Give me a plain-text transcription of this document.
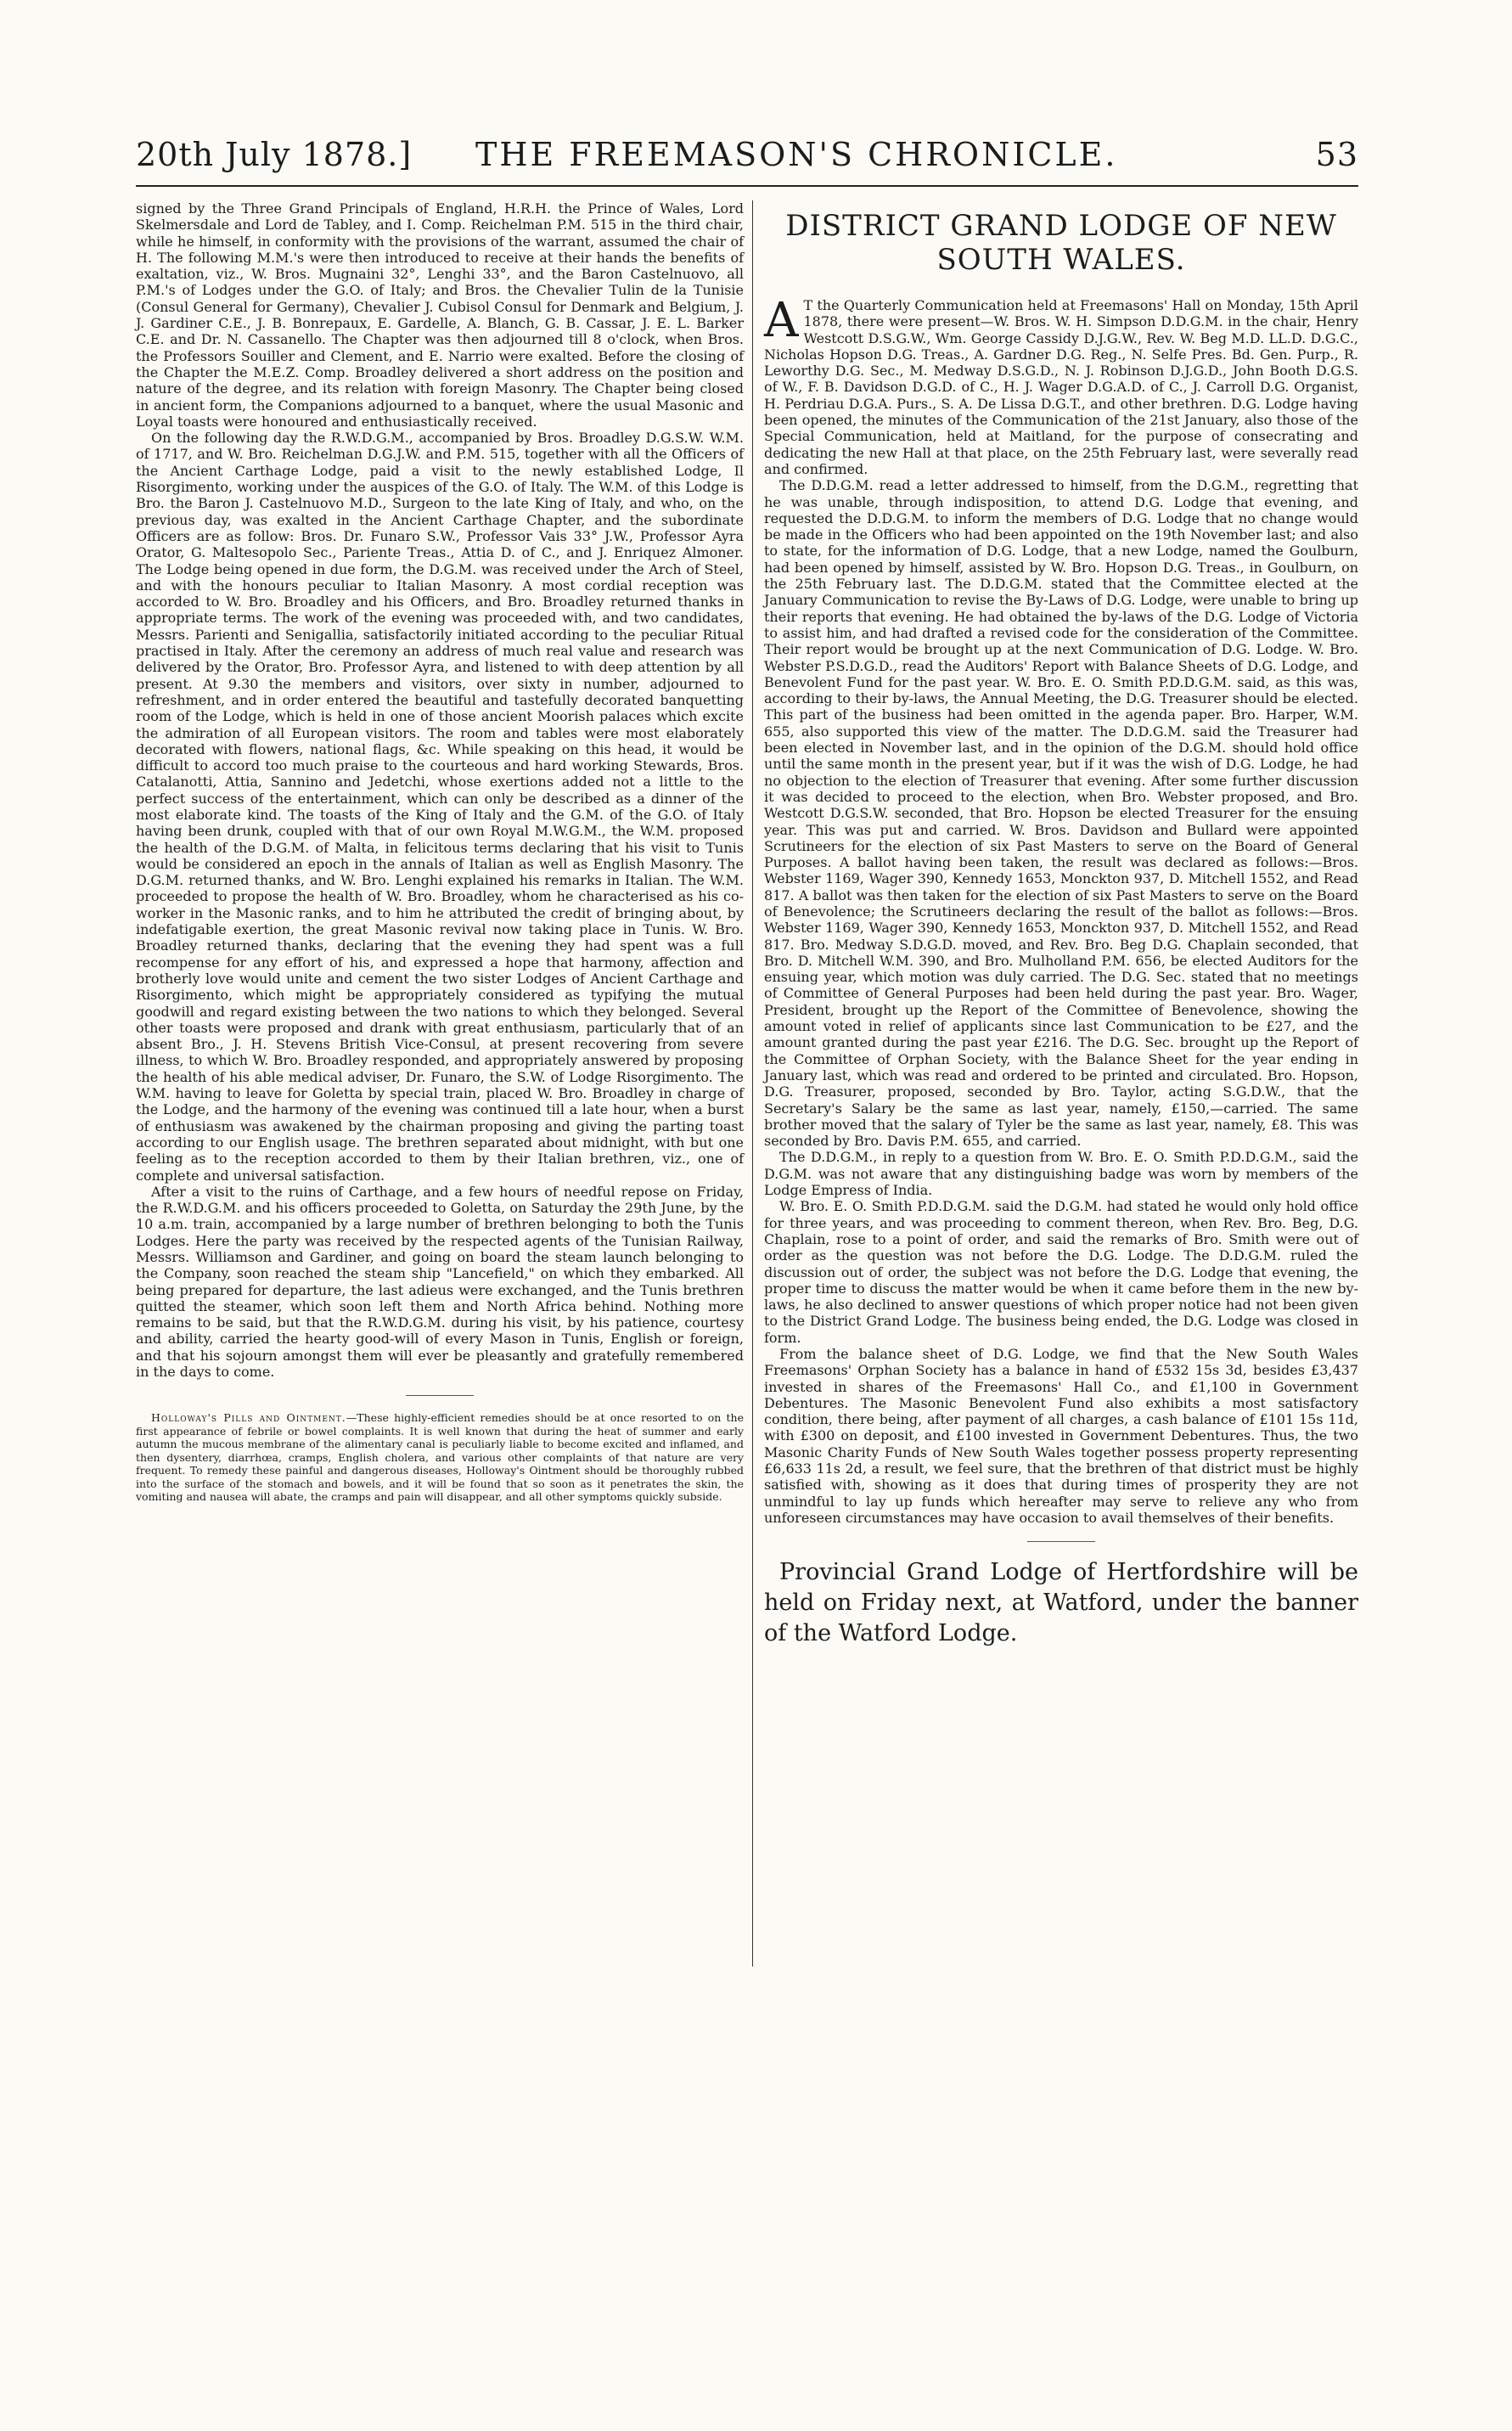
20th July 1878.] THE FREEMASON'S CHRONICLE.	53

signed by the Three Grand Principals of England, H.R.H. the Prince of Wales, Lord Skelmersdale and Lord de Tabley, and I. Comp. Reichelman P.M. 515 in the third chair, while he himself, in conformity with the provisions of the warrant, assumed the chair of H. The following M.M.'s were then introduced to receive at their hands the benefits of exaltation, viz., W. Bros. Mugnaini 32°, Lenghi 33°, and the Baron Castelnuovo, all P.M.'s of Lodges under the G.O. of Italy; and Bros. the Chevalier Tulin de la Tunisie (Consul General for Germany), Chevalier J. Cubisol Consul for Denmark and Belgium, J. J. Gardiner C.E., J. B. Bonrepaux, E. Gardelle, A. Blanch, G. B. Cassar, J. E. L. Barker C.E. and Dr. N. Cassanello. The Chapter was then adjourned till 8 o'clock, when Bros. the Professors Souiller and Clement, and E. Narrio were exalted. Before the closing of the Chapter the M.E.Z. Comp. Broadley delivered a short address on the position and nature of the degree, and its relation with foreign Masonry. The Chapter being closed in ancient form, the Companions adjourned to a banquet, where the usual Masonic and Loyal toasts were honoured and enthusiastically received.

On the following day the R.W.D.G.M., accompanied by Bros. Broadley D.G.S.W. W.M. of 1717, and W. Bro. Reichelman D.G.J.W. and P.M. 515, together with all the Officers of the Ancient Carthage Lodge, paid a visit to the newly established Lodge, Il Risorgimento, working under the auspices of the G.O. of Italy. The W.M. of this Lodge is Bro. the Baron J. Castelnuovo M.D., Surgeon to the late King of Italy, and who, on the previous day, was exalted in the Ancient Carthage Chapter, and the subordinate Officers are as follow: Bros. Dr. Funaro S.W., Professor Vais 33° J.W., Professor Ayra Orator, G. Maltesopolo Sec., Pariente Treas., Attia D. of C., and J. Enriquez Almoner. The Lodge being opened in due form, the D.G.M. was received under the Arch of Steel, and with the honours peculiar to Italian Masonry. A most cordial reception was accorded to W. Bro. Broadley and his Officers, and Bro. Broadley returned thanks in appropriate terms. The work of the evening was proceeded with, and two candidates, Messrs. Parienti and Senigallia, satisfactorily initiated according to the peculiar Ritual practised in Italy. After the ceremony an address of much real value and research was delivered by the Orator, Bro. Professor Ayra, and listened to with deep attention by all present. At 9.30 the members and visitors, over sixty in number, adjourned to refreshment, and in order entered the beautiful and tastefully decorated banquetting room of the Lodge, which is held in one of those ancient Moorish palaces which excite the admiration of all European visitors. The room and tables were most elaborately decorated with flowers, national flags, &c. While speaking on this head, it would be difficult to accord too much praise to the courteous and hard working Stewards, Bros. Catalanotti, Attia, Sannino and Jedetchi, whose exertions added not a little to the perfect success of the entertainment, which can only be described as a dinner of the most elaborate kind. The toasts of the King of Italy and the G.M. of the G.O. of Italy having been drunk, coupled with that of our own Royal M.W.G.M., the W.M. proposed the health of the D.G.M. of Malta, in felicitous terms declaring that his visit to Tunis would be considered an epoch in the annals of Italian as well as English Masonry. The D.G.M. returned thanks, and W. Bro. Lenghi explained his remarks in Italian. The W.M. proceeded to propose the health of W. Bro. Broadley, whom he characterised as his co-worker in the Masonic ranks, and to him he attributed the credit of bringing about, by indefatigable exertion, the great Masonic revival now taking place in Tunis. W. Bro. Broadley returned thanks, declaring that the evening they had spent was a full recompense for any effort of his, and expressed a hope that harmony, affection and brotherly love would unite and cement the two sister Lodges of Ancient Carthage and Risorgimento, which might be appropriately considered as typifying the mutual goodwill and regard existing between the two nations to which they belonged. Several other toasts were proposed and drank with great enthusiasm, particularly that of an absent Bro., J. H. Stevens British Vice-Consul, at present recovering from severe illness, to which W. Bro. Broadley responded, and appropriately answered by proposing the health of his able medical adviser, Dr. Funaro, the S.W. of Lodge Risorgimento. The W.M. having to leave for Goletta by special train, placed W. Bro. Broadley in charge of the Lodge, and the harmony of the evening was continued till a late hour, when a burst of enthusiasm was awakened by the chairman proposing and giving the parting toast according to our English usage. The brethren separated about midnight, with but one feeling as to the reception accorded to them by their Italian brethren, viz., one of complete and universal satisfaction.

After a visit to the ruins of Carthage, and a few hours of needful repose on Friday, the R.W.D.G.M. and his officers proceeded to Goletta, on Saturday the 29th June, by the 10 a.m. train, accompanied by a large number of brethren belonging to both the Tunis Lodges. Here the party was received by the respected agents of the Tunisian Railway, Messrs. Williamson and Gardiner, and going on board the steam launch belonging to the Company, soon reached the steam ship "Lancefield," on which they embarked. All being prepared for departure, the last adieus were exchanged, and the Tunis brethren quitted the steamer, which soon left them and North Africa behind. Nothing more remains to be said, but that the R.W.D.G.M. during his visit, by his patience, courtesy and ability, carried the hearty good-will of every Mason in Tunis, English or foreign, and that his sojourn amongst them will ever be pleasantly and gratefully remembered in the days to come.

Holloway's Pills and Ointment.—These highly-efficient remedies should be at once resorted to on the first appearance of febrile or bowel complaints. It is well known that during the heat of summer and early autumn the mucous membrane of the alimentary canal is peculiarly liable to become excited and inflamed, and then dysentery, diarrhœa, cramps, English cholera, and various other complaints of that nature are very frequent. To remedy these painful and dangerous diseases, Holloway's Ointment should be thoroughly rubbed into the surface of the stomach and bowels, and it will be found that so soon as it penetrates the skin, the vomiting and nausea will abate, the cramps and pain will disappear, and all other symptoms quickly subside.

DISTRICT GRAND LODGE OF NEW SOUTH WALES.

A T the Quarterly Communication held at Freemasons' Hall on Monday, 15th April 1878, there were present—W. Bros. W. H. Simpson D.D.G.M. in the chair, Henry Westcott D.S.G.W., Wm. George Cassidy D.J.G.W., Rev. W. Beg M.D. LL.D. D.G.C., Nicholas Hopson D.G. Treas., A. Gardner D.G. Reg., N. Selfe Pres. Bd. Gen. Purp., R. Leworthy D.G. Sec., M. Medway D.S.G.D., N. J. Robinson D.J.G.D., John Booth D.G.S. of W., F. B. Davidson D.G.D. of C., H. J. Wager D.G.A.D. of C., J. Carroll D.G. Organist, H. Perdriau D.G.A. Purs., S. A. De Lissa D.G.T., and other brethren. D.G. Lodge having been opened, the minutes of the Communication of the 21st January, also those of the Special Communication, held at Maitland, for the purpose of consecrating and dedicating the new Hall at that place, on the 25th February last, were severally read and confirmed.

The D.D.G.M. read a letter addressed to himself, from the D.G.M., regretting that he was unable, through indisposition, to attend D.G. Lodge that evening, and requested the D.D.G.M. to inform the members of D.G. Lodge that no change would be made in the Officers who had been appointed on the 19th November last; and also to state, for the information of D.G. Lodge, that a new Lodge, named the Goulburn, had been opened by himself, assisted by W. Bro. Hopson D.G. Treas., in Goulburn, on the 25th February last. The D.D.G.M. stated that the Committee elected at the January Communication to revise the By-Laws of D.G. Lodge, were unable to bring up their reports that evening. He had obtained the by-laws of the D.G. Lodge of Victoria to assist him, and had drafted a revised code for the consideration of the Committee. Their report would be brought up at the next Communication of D.G. Lodge. W. Bro. Webster P.S.D.G.D., read the Auditors' Report with Balance Sheets of D.G. Lodge, and Benevolent Fund for the past year. W. Bro. E. O. Smith P.D.D.G.M. said, as this was, according to their by-laws, the Annual Meeting, the D.G. Treasurer should be elected. This part of the business had been omitted in the agenda paper. Bro. Harper, W.M. 655, also supported this view of the matter. The D.D.G.M. said the Treasurer had been elected in November last, and in the opinion of the D.G.M. should hold office until the same month in the present year, but if it was the wish of D.G. Lodge, he had no objection to the election of Treasurer that evening. After some further discussion it was decided to proceed to the election, when Bro. Webster proposed, and Bro. Westcott D.G.S.W. seconded, that Bro. Hopson be elected Treasurer for the ensuing year. This was put and carried. W. Bros. Davidson and Bullard were appointed Scrutineers for the election of six Past Masters to serve on the Board of General Purposes. A ballot having been taken, the result was declared as follows:—Bros. Webster 1169, Wager 390, Kennedy 1653, Monckton 937, D. Mitchell 1552, and Read 817. A ballot was then taken for the election of six Past Masters to serve on the Board of Benevolence; the Scrutineers declaring the result of the ballot as follows:—Bros. Webster 1169, Wager 390, Kennedy 1653, Monckton 937, D. Mitchell 1552, and Read 817. Bro. Medway S.D.G.D. moved, and Rev. Bro. Beg D.G. Chaplain seconded, that Bro. D. Mitchell W.M. 390, and Bro. Mulholland P.M. 656, be elected Auditors for the ensuing year, which motion was duly carried. The D.G. Sec. stated that no meetings of Committee of General Purposes had been held during the past year. Bro. Wager, President, brought up the Report of the Committee of Benevolence, showing the amount voted in relief of applicants since last Communication to be £27, and the amount granted during the past year £216. The D.G. Sec. brought up the Report of the Committee of Orphan Society, with the Balance Sheet for the year ending in January last, which was read and ordered to be printed and circulated. Bro. Hopson, D.G. Treasurer, proposed, seconded by Bro. Taylor, acting S.G.D.W., that the Secretary's Salary be the same as last year, namely, £150,—carried. The same brother moved that the salary of Tyler be the same as last year, namely, £8. This was seconded by Bro. Davis P.M. 655, and carried.

The D.D.G.M., in reply to a question from W. Bro. E. O. Smith P.D.D.G.M., said the D.G.M. was not aware that any distinguishing badge was worn by members of the Lodge Empress of India.

W. Bro. E. O. Smith P.D.D.G.M. said the D.G.M. had stated he would only hold office for three years, and was proceeding to comment thereon, when Rev. Bro. Beg, D.G. Chaplain, rose to a point of order, and said the remarks of Bro. Smith were out of order as the question was not before the D.G. Lodge. The D.D.G.M. ruled the discussion out of order, the subject was not before the D.G. Lodge that evening, the proper time to discuss the matter would be when it came before them in the new by-laws, he also declined to answer questions of which proper notice had not been given to the District Grand Lodge. The business being ended, the D.G. Lodge was closed in form.

From the balance sheet of D.G. Lodge, we find that the New South Wales Freemasons' Orphan Society has a balance in hand of £532 15s 3d, besides £3,437 invested in shares of the Freemasons' Hall Co., and £1,100 in Government Debentures. The Masonic Benevolent Fund also exhibits a most satisfactory condition, there being, after payment of all charges, a cash balance of £101 15s 11d, with £300 on deposit, and £100 invested in Government Debentures. Thus, the two Masonic Charity Funds of New South Wales together possess property representing £6,633 11s 2d, a result, we feel sure, that the brethren of that district must be highly satisfied with, showing as it does that during times of prosperity they are not unmindful to lay up funds which hereafter may serve to relieve any who from unforeseen circumstances may have occasion to avail themselves of their benefits.

Provincial Grand Lodge of Hertfordshire will be held on Friday next, at Watford, under the banner of the Watford Lodge.
